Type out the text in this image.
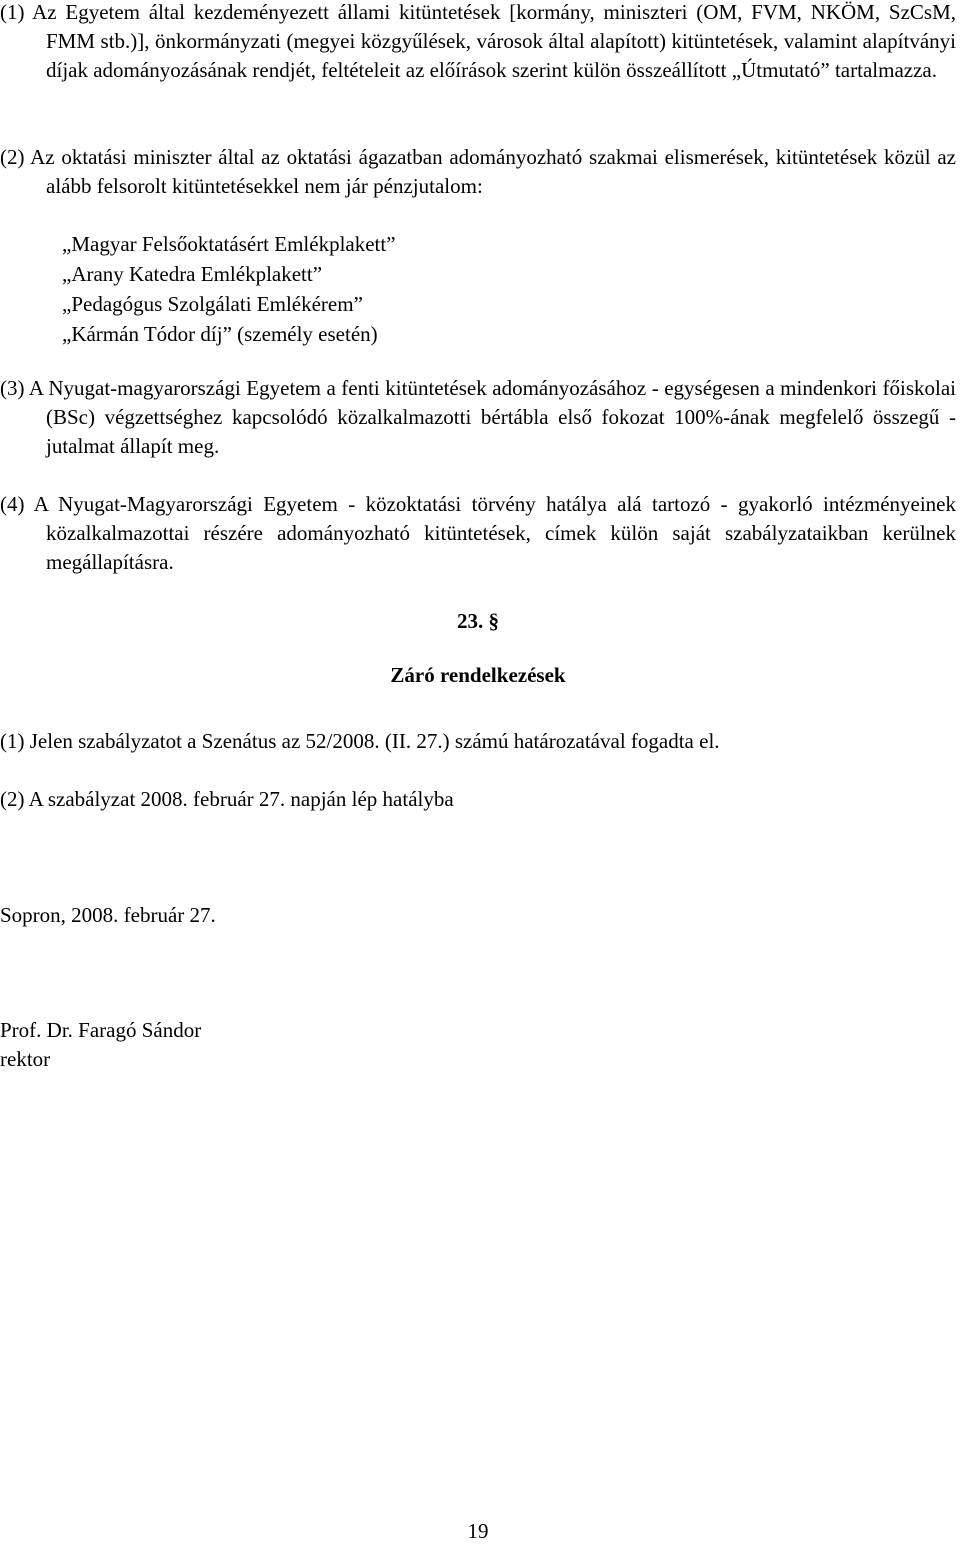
(1) Az Egyetem által kezdeményezett állami kitüntetések [kormány, miniszteri (OM, FVM, NKÖM, SzCsM, FMM stb.)], önkormányzati (megyei közgyűlések, városok által alapított) kitüntetések, valamint alapítványi díjak adományozásának rendjét, feltételeit az előírások szerint külön összeállított „Útmutató” tartalmazza.

(2) Az oktatási miniszter által az oktatási ágazatban adományozható szakmai elismerések, kitüntetések közül az alább felsorolt kitüntetésekkel nem jár pénzjutalom:

„Magyar Felsőoktatásért Emlékplakett”
„Arany Katedra Emlékplakett”
„Pedagógus Szolgálati Emlékérem”
„Kármán Tódor díj” (személy esetén)

(3) A Nyugat-magyarországi Egyetem a fenti kitüntetések adományozásához - egységesen a mindenkori főiskolai (BSc) végzettséghez kapcsolódó közalkalmazotti bértábla első fokozat 100%-ának megfelelő összegű - jutalmat állapít meg.

(4) A Nyugat-Magyarországi Egyetem - közoktatási törvény hatálya alá tartozó - gyakorló intézményeinek közalkalmazottai részére adományozható kitüntetések, címek külön saját szabályzataikban kerülnek megállapításra.

23. §

Záró rendelkezések

(1) Jelen szabályzatot a Szenátus az 52/2008. (II. 27.) számú határozatával fogadta el.

(2) A szabályzat 2008. február 27. napján lép hatályba

Sopron, 2008. február 27.

Prof. Dr. Faragó Sándor

rektor

19
